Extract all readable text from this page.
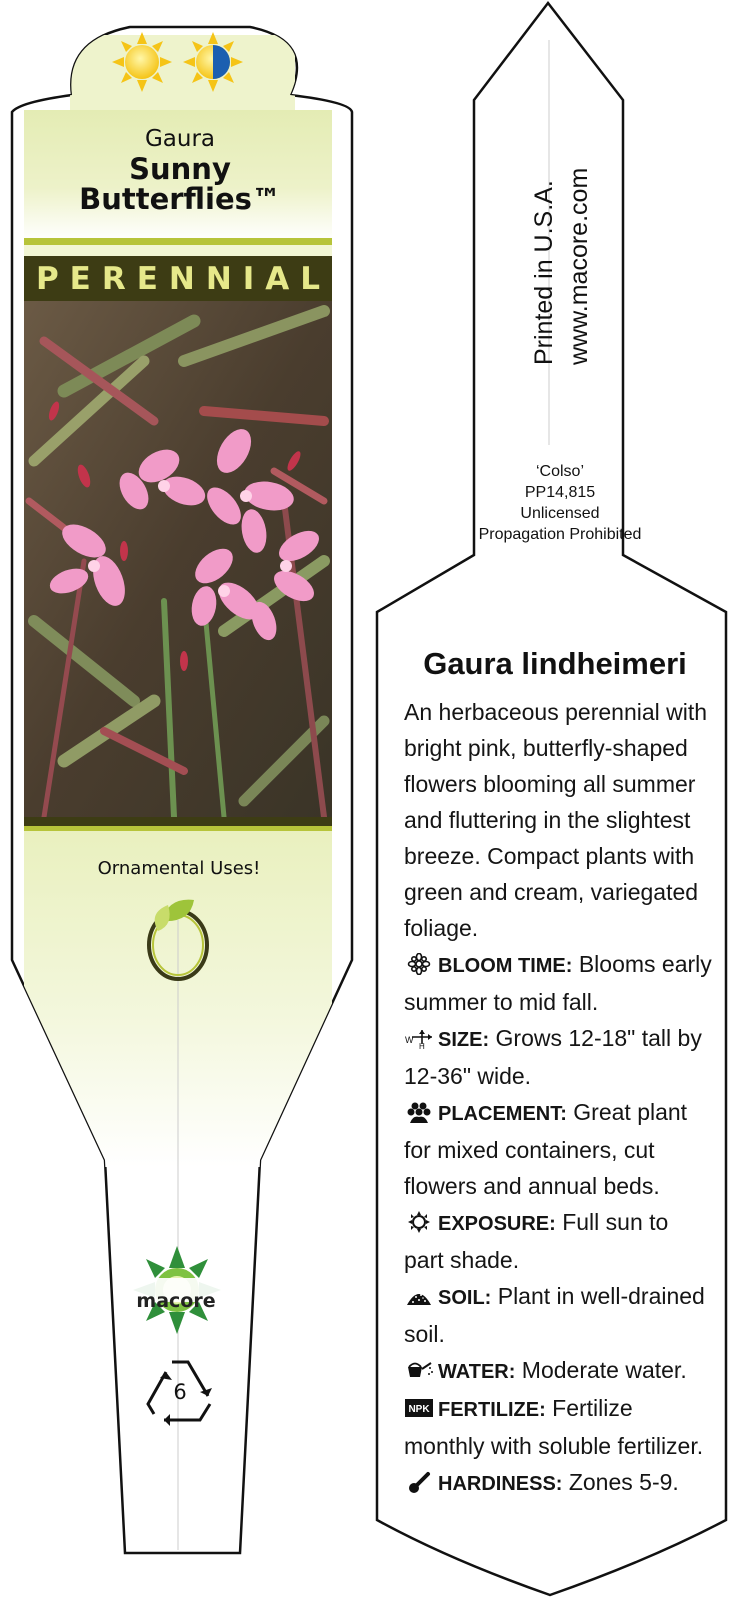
Gaura
Sunny
Butterflies™
PERENNIAL
Ornamental Uses!
macore
6
Printed in U.S.A. www.macore.com
‘Colso’
PP14,815
Unlicensed
Propagation Prohibited
Gaura lindheimeri

An herbaceous perennial with bright pink, butterfly-shaped flowers blooming all summer and fluttering in the slightest breeze. Compact plants with green and cream, variegated foliage.

BLOOM TIME: Blooms early summer to mid fall.

W
H SIZE: Grows 12-18" tall by 12-36" wide.

PLACEMENT: Great plant for mixed containers, cut flowers and annual beds.

EXPOSURE: Full sun to part shade.

SOIL: Plant in well-drained soil.

WATER: Moderate water.

NPK FERTILIZE: Fertilize monthly with soluble fertilizer.

HARDINESS: Zones 5-9.
